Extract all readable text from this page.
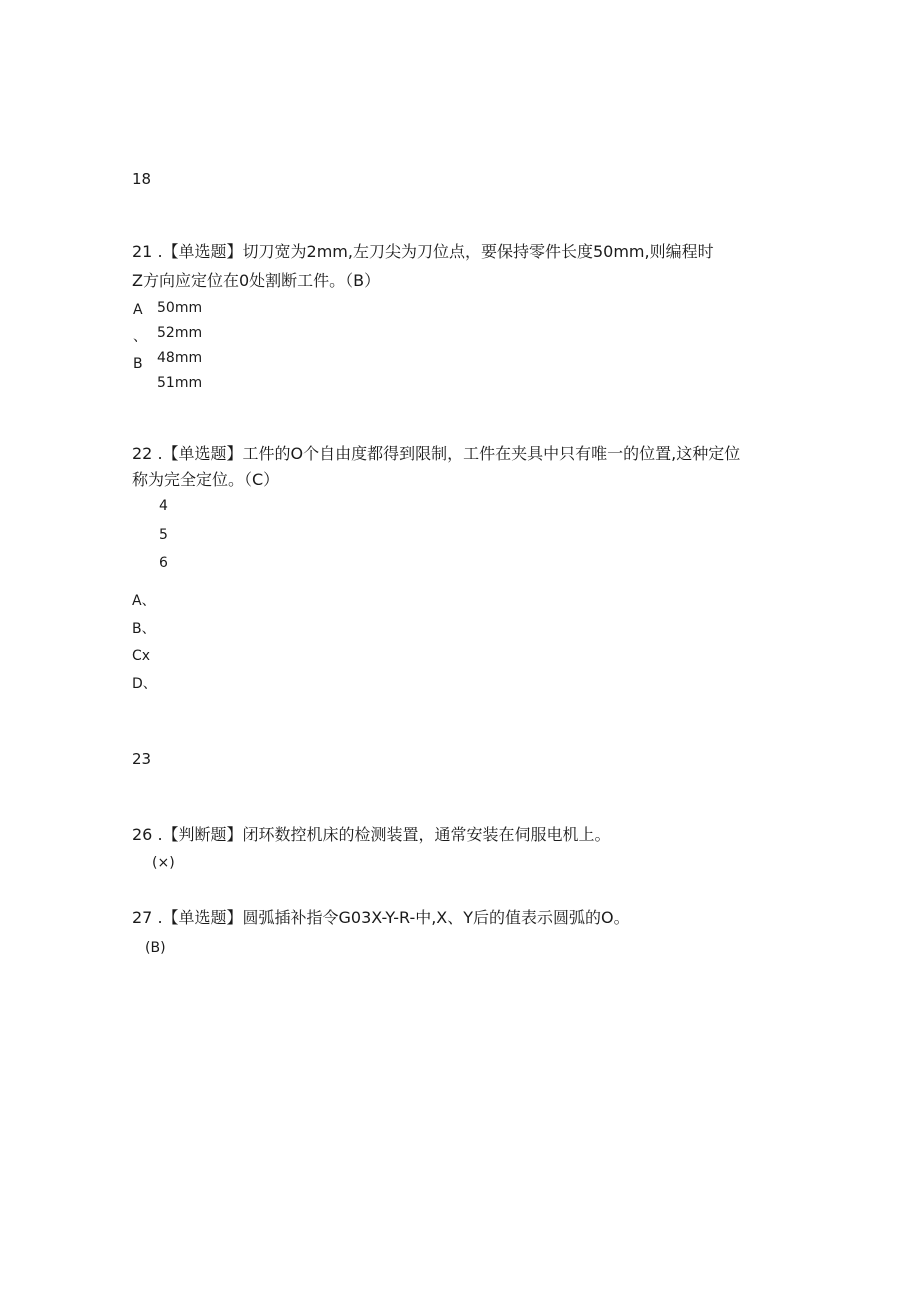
18
21 .【单选题】切刀宽为2mm,左刀尖为刀位点，要保持零件长度50mm,则编程时
Z方向应定位在0处割断工件。（B）
A
、
B
50mm
52mm
48mm
51mm
22 .【单选题】工件的O个自由度都得到限制，工件在夹具中只有唯一的位置,这种定位
称为完全定位。（C）
4
5
6
A、
B、
Cx
D、
23
26 .【判断题】闭环数控机床的检测装置，通常安装在伺服电机上。
(×)
27 .【单选题】圆弧插补指令G03X-Y-R-中,X、Y后的值表示圆弧的O。
(B)
